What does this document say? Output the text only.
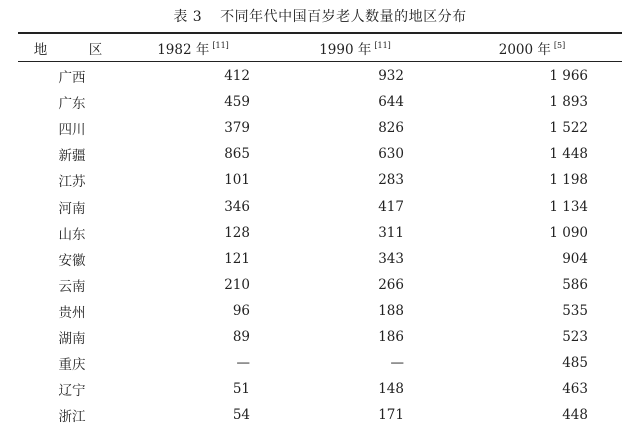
表 3 不同年代中国百岁老人数量的地区分布
地　区	1982 年 [11]	1990 年 [11]	2000 年 [5]
广西	412	932	1 966
广东	459	644	1 893
四川	379	826	1 522
新疆	865	630	1 448
江苏	101	283	1 198
河南	346	417	1 134
山东	128	311	1 090
安徽	121	343	904
云南	210	266	586
贵州	96	188	535
湖南	89	186	523
重庆	—	—	485
辽宁	51	148	463
浙江	54	171	448
